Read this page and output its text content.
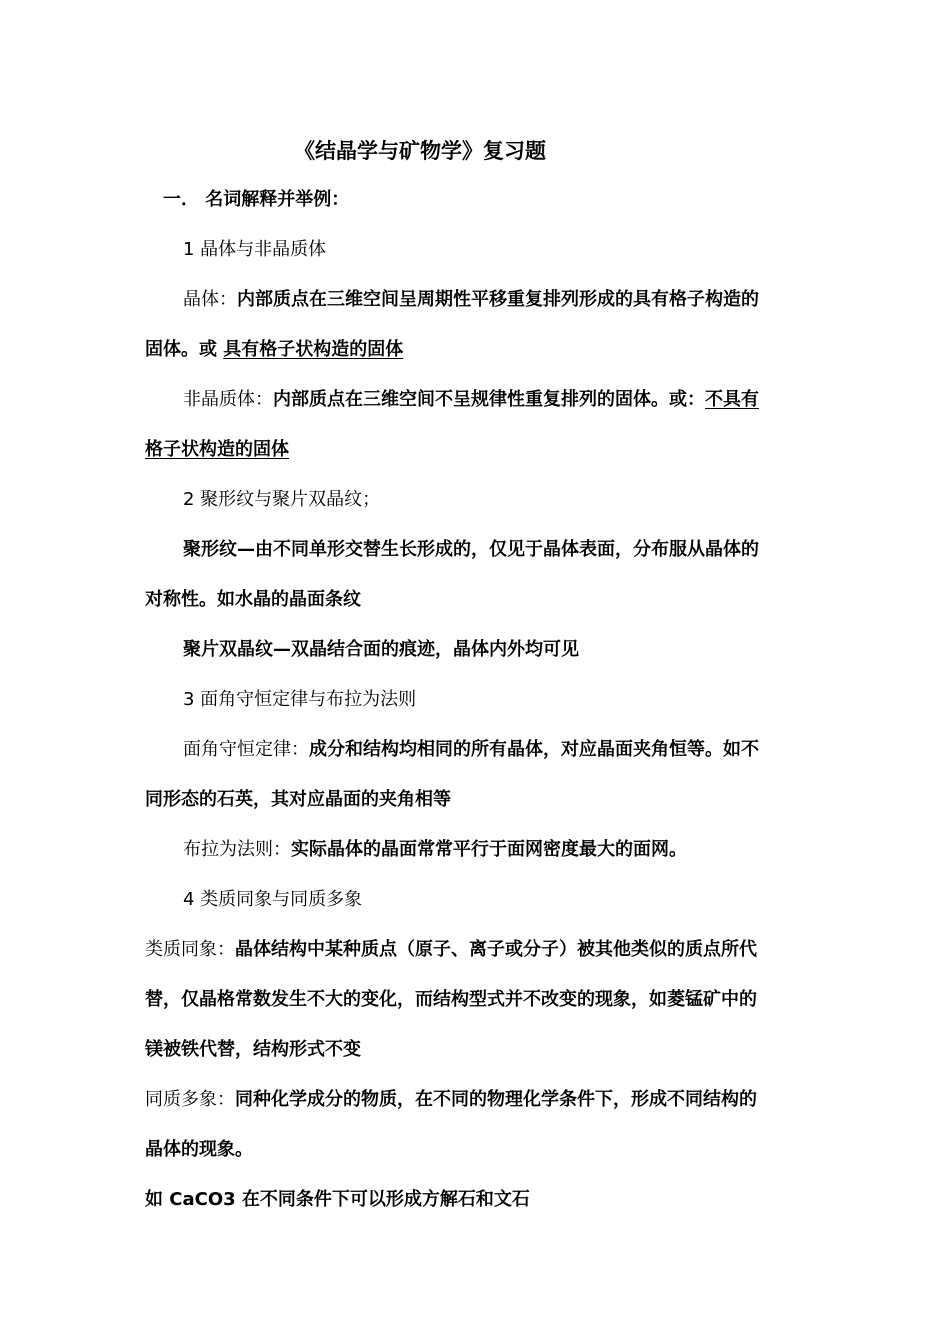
《结晶学与矿物学》复习题
一． 名词解释并举例：
1 晶体与非晶质体
晶体：内部质点在三维空间呈周期性平移重复排列形成的具有格子构造的
固体。或 具有格子状构造的固体
非晶质体：内部质点在三维空间不呈规律性重复排列的固体。或：不具有
格子状构造的固体
2 聚形纹与聚片双晶纹；
聚形纹—由不同单形交替生长形成的，仅见于晶体表面，分布服从晶体的
对称性。如水晶的晶面条纹
聚片双晶纹—双晶结合面的痕迹，晶体内外均可见
3 面角守恒定律与布拉为法则
面角守恒定律：成分和结构均相同的所有晶体，对应晶面夹角恒等。如不
同形态的石英，其对应晶面的夹角相等
布拉为法则：实际晶体的晶面常常平行于面网密度最大的面网。
4 类质同象与同质多象
类质同象：晶体结构中某种质点（原子、离子或分子）被其他类似的质点所代
替，仅晶格常数发生不大的变化，而结构型式并不改变的现象，如菱锰矿中的
镁被铁代替，结构形式不变
同质多象：同种化学成分的物质，在不同的物理化学条件下，形成不同结构的
晶体的现象。
如 CaCO3 在不同条件下可以形成方解石和文石
